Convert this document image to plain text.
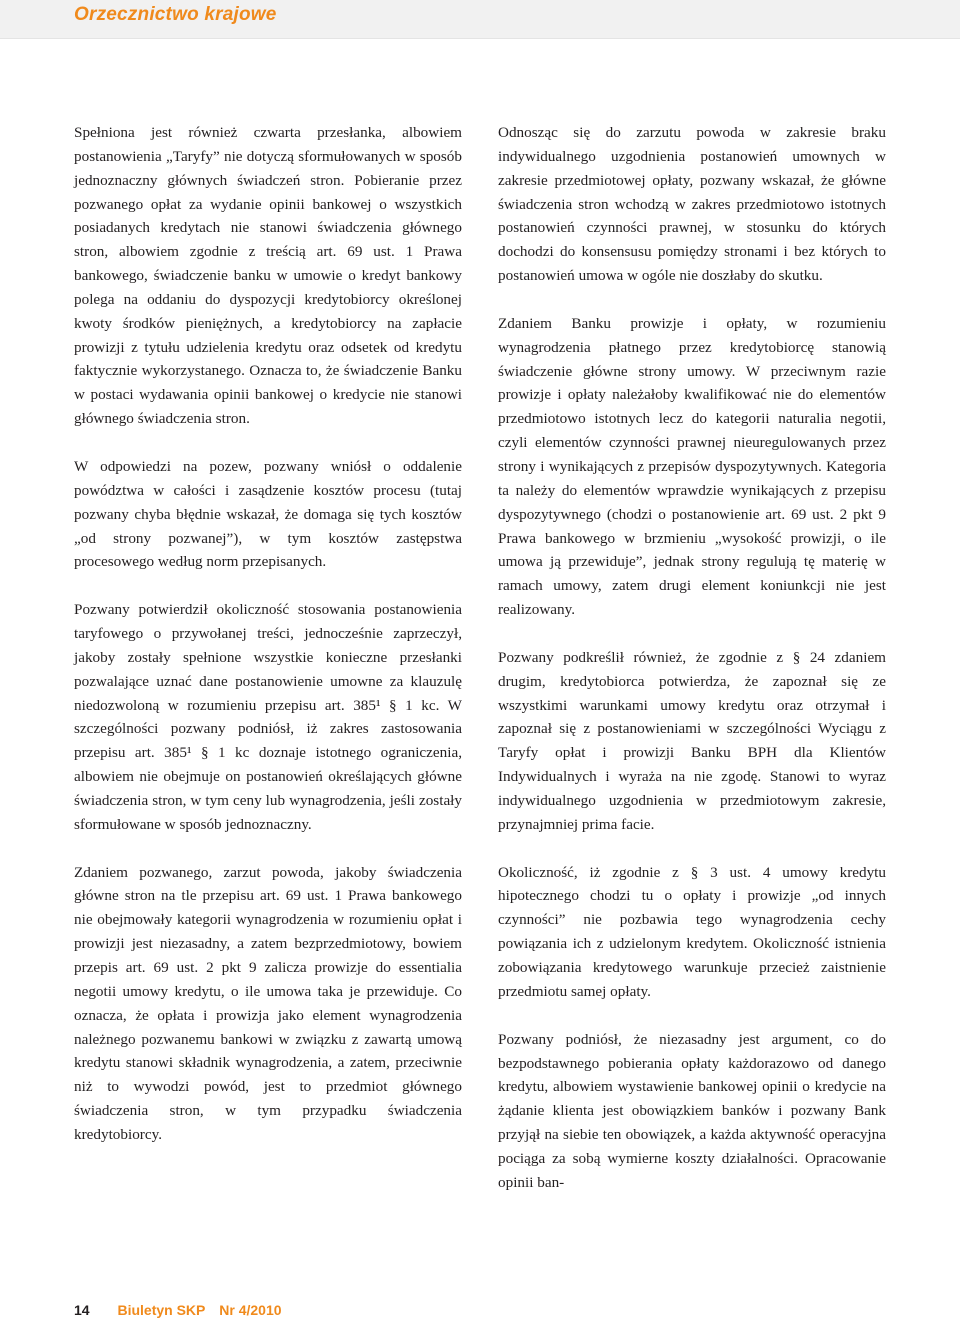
Orzecznictwo krajowe

Spełniona jest również czwarta przesłanka, albowiem postanowienia „Taryfy” nie dotyczą sformułowanych w sposób jednoznaczny głównych świadczeń stron. Pobieranie przez pozwanego opłat za wydanie opinii bankowej o wszystkich posiadanych kredytach nie stanowi świadczenia głównego stron, albowiem zgodnie z treścią art. 69 ust. 1 Prawa bankowego, świadczenie banku w umowie o kredyt bankowy polega na oddaniu do dyspozycji kredytobiorcy określonej kwoty środków pieniężnych, a kredytobiorcy na zapłacie prowizji z tytułu udzielenia kredytu oraz odsetek od kredytu faktycznie wykorzystanego. Oznacza to, że świadczenie Banku w postaci wydawania opinii bankowej o kredycie nie stanowi głównego świadczenia stron.

W odpowiedzi na pozew, pozwany wniósł o oddalenie powództwa w całości i zasądzenie kosztów procesu (tutaj pozwany chyba błędnie wskazał, że domaga się tych kosztów „od strony pozwanej”), w tym kosztów zastępstwa procesowego według norm przepisanych.

Pozwany potwierdził okoliczność stosowania postanowienia taryfowego o przywołanej treści, jednocześnie zaprzeczył, jakoby zostały spełnione wszystkie konieczne przesłanki pozwalające uznać dane postanowienie umowne za klauzulę niedozwoloną w rozumieniu przepisu art. 385¹ § 1 kc. W szczególności pozwany podniósł, iż zakres zastosowania przepisu art. 385¹ § 1 kc doznaje istotnego ograniczenia, albowiem nie obejmuje on postanowień określających główne świadczenia stron, w tym ceny lub wynagrodzenia, jeśli zostały sformułowane w sposób jednoznaczny.

Zdaniem pozwanego, zarzut powoda, jakoby świadczenia główne stron na tle przepisu art. 69 ust. 1 Prawa bankowego nie obejmowały kategorii wynagrodzenia w rozumieniu opłat i prowizji jest niezasadny, a zatem bezprzedmiotowy, bowiem przepis art. 69 ust. 2 pkt 9 zalicza prowizje do essentialia negotii umowy kredytu, o ile umowa taka je przewiduje. Co oznacza, że opłata i prowizja jako element wynagrodzenia należnego pozwanemu bankowi w związku z zawartą umową kredytu stanowi składnik wynagrodzenia, a zatem, przeciwnie niż to wywodzi powód, jest to przedmiot głównego świadczenia stron, w tym przypadku świadczenia kredytobiorcy.

Odnosząc się do zarzutu powoda w zakresie braku indywidualnego uzgodnienia postanowień umownych w zakresie przedmiotowej opłaty, pozwany wskazał, że główne świadczenia stron wchodzą w zakres przedmiotowo istotnych postanowień czynności prawnej, w stosunku do których dochodzi do konsensusu pomiędzy stronami i bez których to postanowień umowa w ogóle nie doszłaby do skutku.

Zdaniem Banku prowizje i opłaty, w rozumieniu wynagrodzenia płatnego przez kredytobiorcę stanowią świadczenie główne strony umowy. W przeciwnym razie prowizje i opłaty należałoby kwalifikować nie do elementów przedmiotowo istotnych lecz do kategorii naturalia negotii, czyli elementów czynności prawnej nieuregulowanych przez strony i wynikających z przepisów dyspozytywnych. Kategoria ta należy do elementów wprawdzie wynikających z przepisu dyspozytywnego (chodzi o postanowienie art. 69 ust. 2 pkt 9 Prawa bankowego w brzmieniu „wysokość prowizji, o ile umowa ją przewiduje”, jednak strony regulują tę materię w ramach umowy, zatem drugi element koniunkcji nie jest realizowany.

Pozwany podkreślił również, że zgodnie z § 24 zdaniem drugim, kredytobiorca potwierdza, że zapoznał się ze wszystkimi warunkami umowy kredytu oraz otrzymał i zapoznał się z postanowieniami w szczególności Wyciągu z Taryfy opłat i prowizji Banku BPH dla Klientów Indywidualnych i wyraża na nie zgodę. Stanowi to wyraz indywidualnego uzgodnienia w przedmiotowym zakresie, przynajmniej prima facie.

Okoliczność, iż zgodnie z § 3 ust. 4 umowy kredytu hipotecznego chodzi tu o opłaty i prowizje „od innych czynności” nie pozbawia tego wynagrodzenia cechy powiązania ich z udzielonym kredytem. Okoliczność istnienia zobowiązania kredytowego warunkuje przecież zaistnienie przedmiotu samej opłaty.

Pozwany podniósł, że niezasadny jest argument, co do bezpodstawnego pobierania opłaty każdorazowo od danego kredytu, albowiem wystawienie bankowej opinii o kredycie na żądanie klienta jest obowiązkiem banków i pozwany Bank przyjął na siebie ten obowiązek, a każda aktywność operacyjna pociąga za sobą wymierne koszty działalności. Opracowanie opinii ban-

14 Biuletyn SKP Nr 4/2010
